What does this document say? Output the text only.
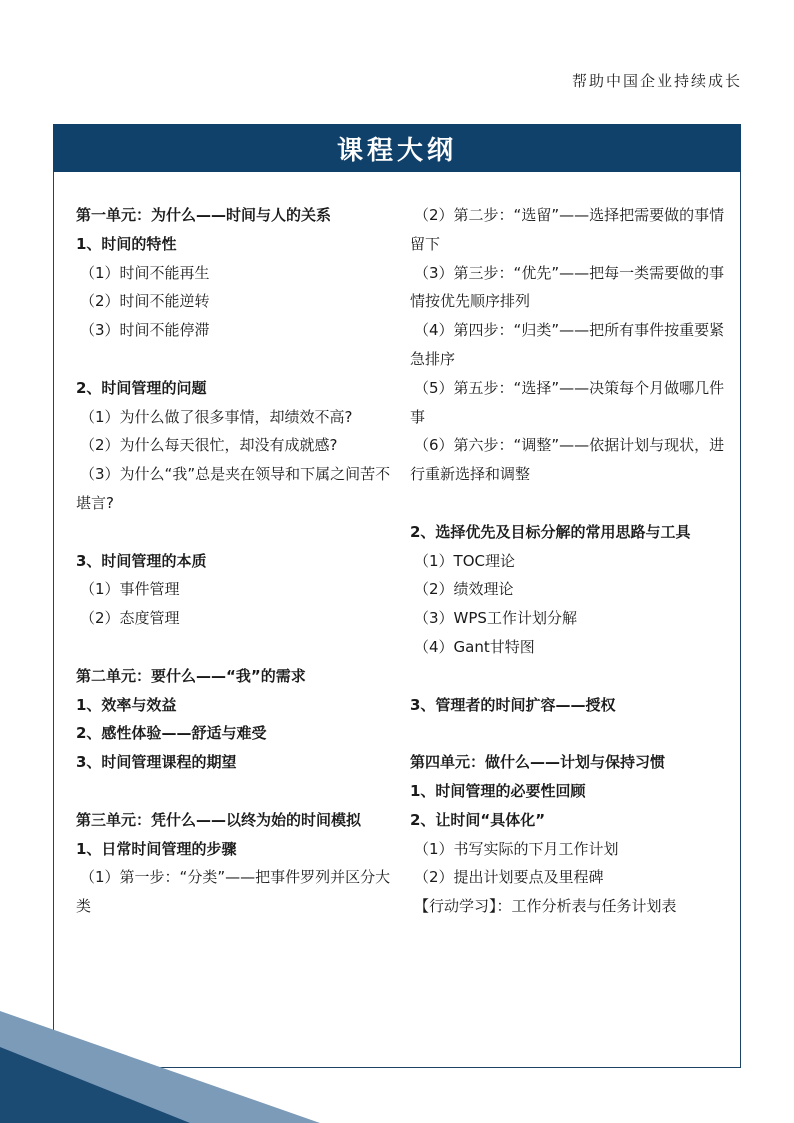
帮助中国企业持续成长
课程大纲
第一单元：为什么——时间与人的关系
1、时间的特性
（1）时间不能再生
（2）时间不能逆转
（3）时间不能停滞
2、时间管理的问题
（1）为什么做了很多事情，却绩效不高?
（2）为什么每天很忙，却没有成就感?
（3）为什么“我”总是夹在领导和下属之间苦不堪言?
3、时间管理的本质
（1）事件管理
（2）态度管理
第二单元：要什么——“我”的需求
1、效率与效益
2、感性体验——舒适与难受
3、时间管理课程的期望
第三单元：凭什么——以终为始的时间模拟
1、日常时间管理的步骤
（1）第一步：“分类”——把事件罗列并区分大类
（2）第二步：“选留”——选择把需要做的事情留下
（3）第三步：“优先”——把每一类需要做的事情按优先顺序排列
（4）第四步：“归类”——把所有事件按重要紧急排序
（5）第五步：“选择”——决策每个月做哪几件事
（6）第六步：“调整”——依据计划与现状，进行重新选择和调整
2、选择优先及目标分解的常用思路与工具
（1）TOC理论
（2）绩效理论
（3）WPS工作计划分解
（4）Gant甘特图
3、管理者的时间扩容——授权
第四单元：做什么——计划与保持习惯
1、时间管理的必要性回顾
2、让时间“具体化”
（1）书写实际的下月工作计划
（2）提出计划要点及里程碑
【行动学习】：工作分析表与任务计划表
